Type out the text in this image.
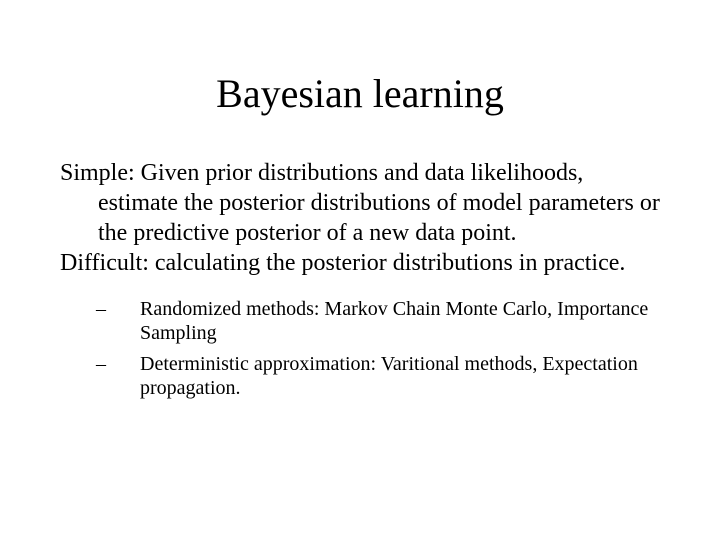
Bayesian learning

Simple: Given prior distributions and data likelihoods, estimate the posterior distributions of model parameters or the predictive posterior of a new data point.

Difficult: calculating the posterior distributions in practice.

– Randomized methods: Markov Chain Monte Carlo, Importance Sampling
– Deterministic approximation: Varitional methods, Expectation propagation.
